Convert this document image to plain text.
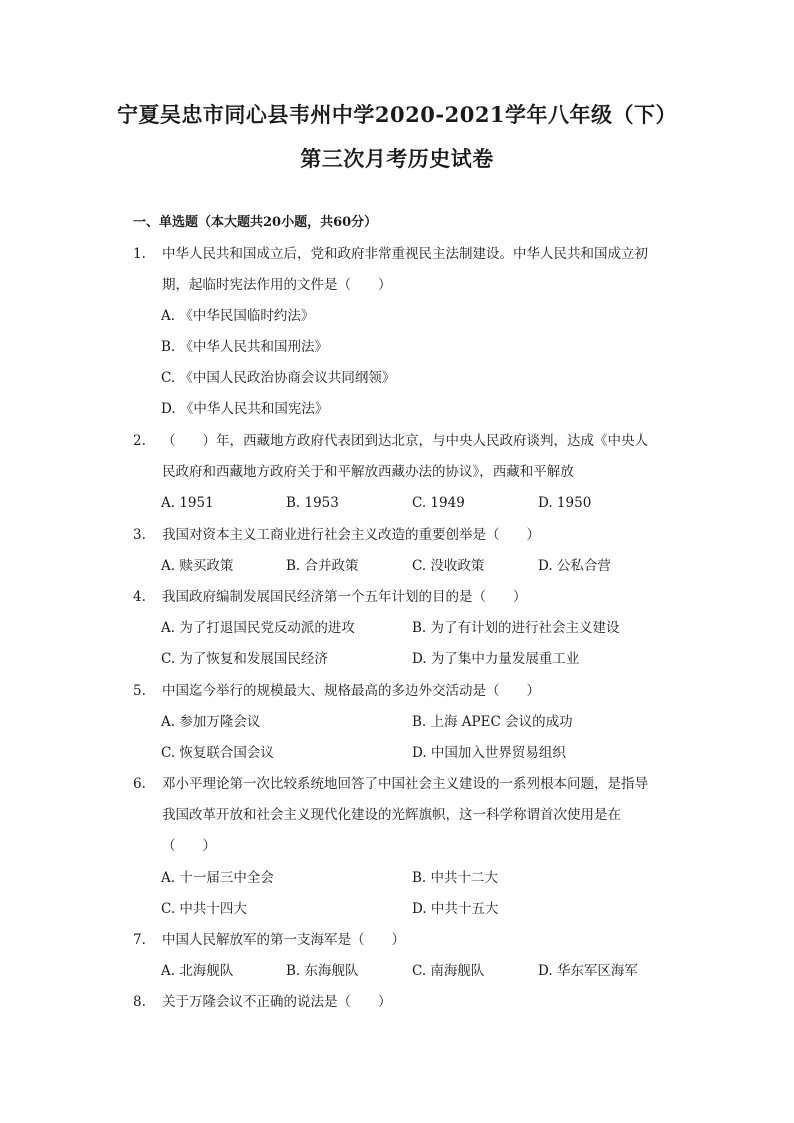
宁夏吴忠市同心县韦州中学2020-2021学年八年级（下）
第三次月考历史试卷
一、单选题（本大题共20小题，共60分）
1. 中华人民共和国成立后，党和政府非常重视民主法制建设。中华人民共和国成立初
期，起临时宪法作用的文件是（　　）
A. 《中华民国临时约法》
B. 《中华人民共和国刑法》
C. 《中国人民政治协商会议共同纲领》
D. 《中华人民共和国宪法》
2. （　　）年，西藏地方政府代表团到达北京，与中央人民政府谈判，达成《中央人
民政府和西藏地方政府关于和平解放西藏办法的协议》，西藏和平解放
A. 1951	B. 1953	C. 1949	D. 1950
3. 我国对资本主义工商业进行社会主义改造的重要创举是（　　）
A. 赎买政策	B. 合并政策	C. 没收政策	D. 公私合营
4. 我国政府编制发展国民经济第一个五年计划的目的是（　　）
A. 为了打退国民党反动派的进攻	B. 为了有计划的进行社会主义建设
C. 为了恢复和发展国民经济	D. 为了集中力量发展重工业
5. 中国迄今举行的规模最大、规格最高的多边外交活动是（　　）
A. 参加万隆会议	B. 上海 APEC 会议的成功
C. 恢复联合国会议	D. 中国加入世界贸易组织
6. 邓小平理论第一次比较系统地回答了中国社会主义建设的一系列根本问题，是指导
我国改革开放和社会主义现代化建设的光辉旗帜，这一科学称谓首次使用是在
（　　）
A. 十一届三中全会	B. 中共十二大
C. 中共十四大	D. 中共十五大
7. 中国人民解放军的第一支海军是（　　）
A. 北海舰队	B. 东海舰队	C. 南海舰队	D. 华东军区海军
8. 关于万隆会议不正确的说法是（　　）
